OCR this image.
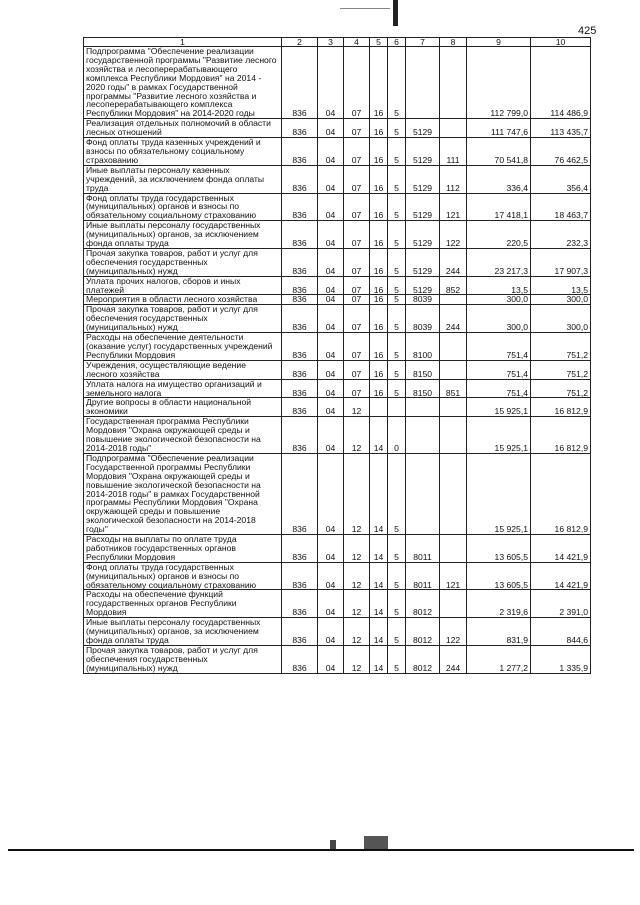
425
1	2	3	4	5	6	7	8	9	10
Подпрограмма "Обеспечение реализации государственной программы "Развитие лесного хозяйства и лесоперерабатывающего комплекса Республики Мордовия" на 2014 - 2020 годы" в рамках Государственной программы "Развитие лесного хозяйства и лесоперерабатывающего комплекса Республики Мордовия" на 2014-2020 годы	836	04	07	16	5			112 799,0	114 486,9
Реализация отдельных полномочий в области лесных отношений	836	04	07	16	5	5129		111 747,6	113 435,7
Фонд оплаты труда казенных учреждений и взносы по обязательному социальному страхованию	836	04	07	16	5	5129	111	70 541,8	76 462,5
Иные выплаты персоналу казенных учреждений, за исключением фонда оплаты труда	836	04	07	16	5	5129	112	336,4	356,4
Фонд оплаты труда государственных (муниципальных) органов и взносы по обязательному социальному страхованию	836	04	07	16	5	5129	121	17 418,1	18 463,7
Иные выплаты персоналу государственных (муниципальных) органов, за исключением фонда оплаты труда	836	04	07	16	5	5129	122	220,5	232,3
Прочая закупка товаров, работ и услуг для обеспечения государственных (муниципальных) нужд	836	04	07	16	5	5129	244	23 217,3	17 907,3
Уплата прочих налогов, сборов и иных платежей	836	04	07	16	5	5129	852	13,5	13,5
Мероприятия в области лесного хозяйства	836	04	07	16	5	8039		300,0	300,0
Прочая закупка товаров, работ и услуг для обеспечения государственных (муниципальных) нужд	836	04	07	16	5	8039	244	300,0	300,0
Расходы на обеспечение деятельности (оказание услуг) государственных учреждений Республики Мордовия	836	04	07	16	5	8100		751,4	751,2
Учреждения, осуществляющие ведение лесного хозяйства	836	04	07	16	5	8150		751,4	751,2
Уплата налога на имущество организаций и земельного налога	836	04	07	16	5	8150	851	751,4	751,2
Другие вопросы в области национальной экономики	836	04	12					15 925,1	16 812,9
Государственная программа Республики Мордовия "Охрана окружающей среды и повышение экологической безопасности на 2014-2018 годы"	836	04	12	14	0			15 925,1	16 812,9
Подпрограмма "Обеспечение реализации Государственной программы Республики Мордовия "Охрана окружающей среды и повышение экологической безопасности на 2014-2018 годы" в рамках Государственной программы Республики Мордовия "Охрана окружающей среды и повышение экологической безопасности на 2014-2018 годы"	836	04	12	14	5			15 925,1	16 812,9
Расходы на выплаты по оплате труда работников государственных органов Республики Мордовия	836	04	12	14	5	8011		13 605,5	14 421,9
Фонд оплаты труда государственных (муниципальных) органов и взносы по обязательному социальному страхованию	836	04	12	14	5	8011	121	13 605,5	14 421,9
Расходы на обеспечение функций государственных органов Республики Мордовия	836	04	12	14	5	8012		2 319,6	2 391,0
Иные выплаты персоналу государственных (муниципальных) органов, за исключением фонда оплаты труда	836	04	12	14	5	8012	122	831,9	844,6
Прочая закупка товаров, работ и услуг для обеспечения государственных (муниципальных) нужд	836	04	12	14	5	8012	244	1 277,2	1 335,9
